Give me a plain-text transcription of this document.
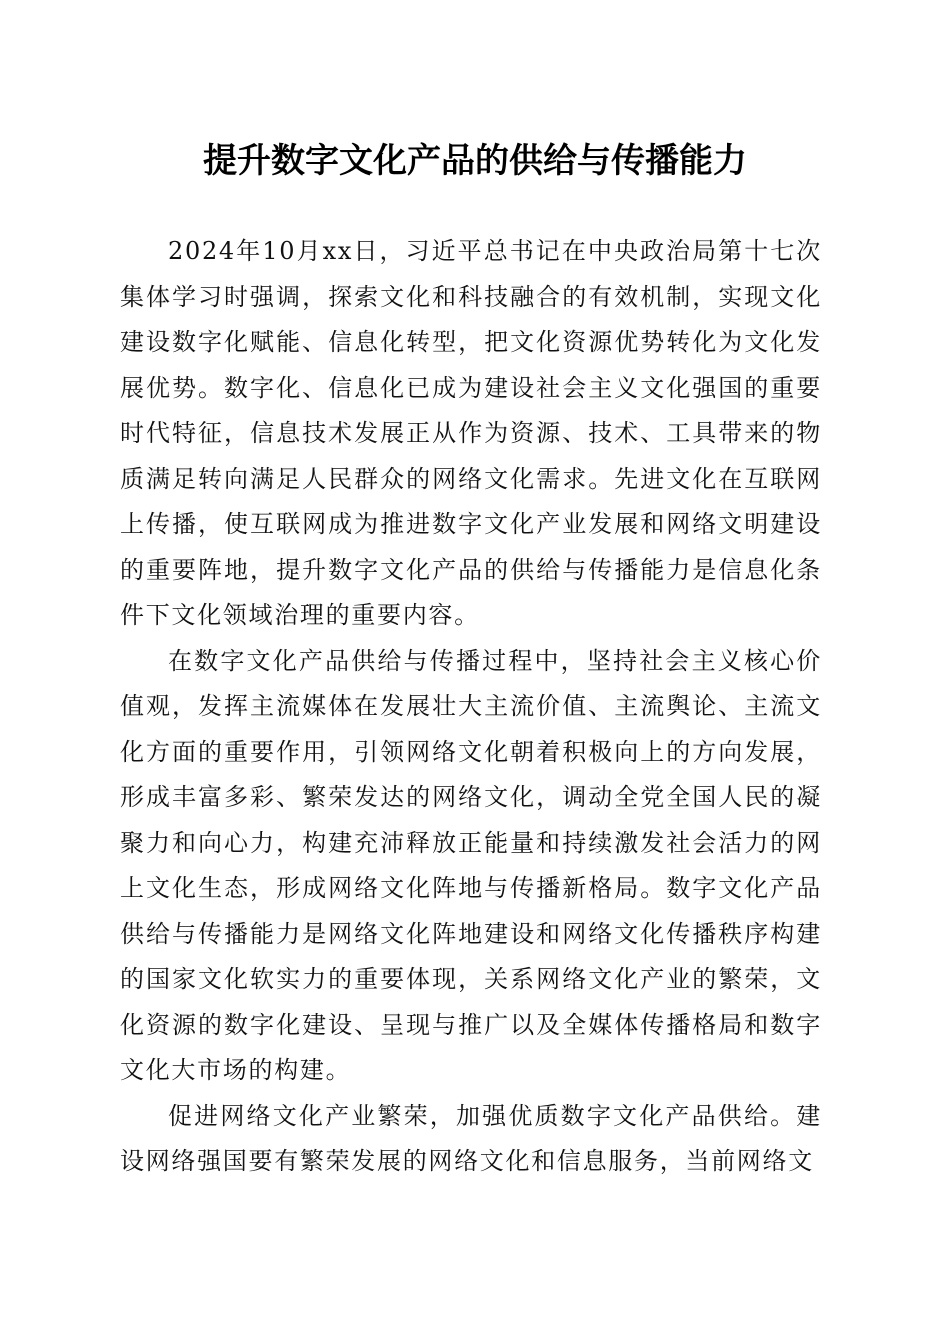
提升数字文化产品的供给与传播能力

2024年10月xx日，习近平总书记在中央政治局第十七次集体学习时强调，探索文化和科技融合的有效机制，实现文化建设数字化赋能、信息化转型，把文化资源优势转化为文化发展优势。数字化、信息化已成为建设社会主义文化强国的重要时代特征，信息技术发展正从作为资源、技术、工具带来的物质满足转向满足人民群众的网络文化需求。先进文化在互联网上传播，使互联网成为推进数字文化产业发展和网络文明建设的重要阵地，提升数字文化产品的供给与传播能力是信息化条件下文化领域治理的重要内容。

在数字文化产品供给与传播过程中，坚持社会主义核心价值观，发挥主流媒体在发展壮大主流价值、主流舆论、主流文化方面的重要作用，引领网络文化朝着积极向上的方向发展，形成丰富多彩、繁荣发达的网络文化，调动全党全国人民的凝聚力和向心力，构建充沛释放正能量和持续激发社会活力的网上文化生态，形成网络文化阵地与传播新格局。数字文化产品供给与传播能力是网络文化阵地建设和网络文化传播秩序构建的国家文化软实力的重要体现，关系网络文化产业的繁荣，文化资源的数字化建设、呈现与推广以及全媒体传播格局和数字文化大市场的构建。

促进网络文化产业繁荣，加强优质数字文化产品供给。建设网络强国要有繁荣发展的网络文化和信息服务，当前网络文
